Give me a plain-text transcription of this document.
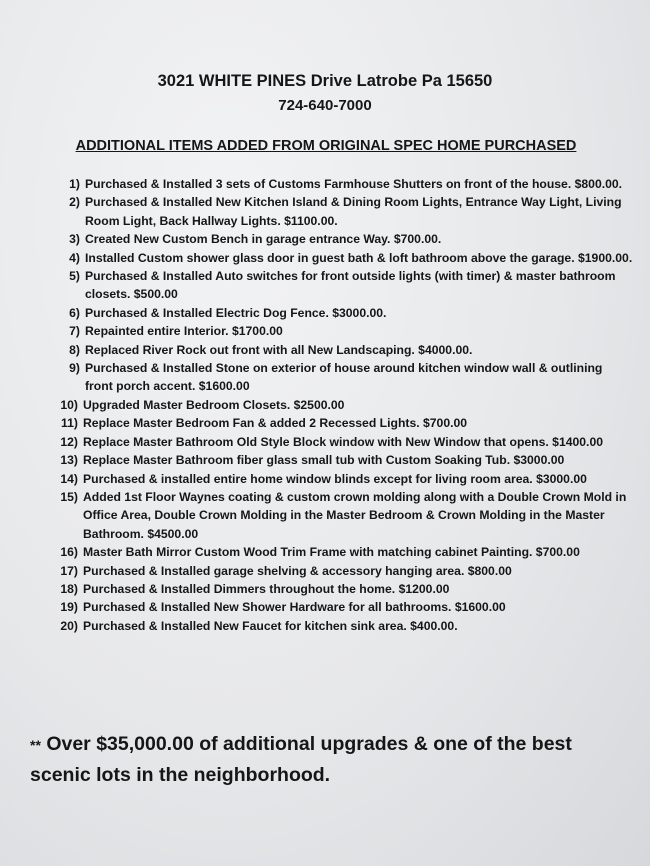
3021 WHITE PINES Drive Latrobe Pa 15650
724-640-7000
ADDITIONAL ITEMS ADDED FROM ORIGINAL SPEC HOME PURCHASED
1) Purchased & Installed 3 sets of Customs Farmhouse Shutters on front of the house. $800.00.
2) Purchased & Installed New Kitchen Island & Dining Room Lights, Entrance Way Light, Living Room Light, Back Hallway Lights. $1100.00.
3) Created New Custom Bench in garage entrance Way. $700.00.
4) Installed Custom shower glass door in guest bath & loft bathroom above the garage. $1900.00.
5) Purchased & Installed Auto switches for front outside lights (with timer) & master bathroom closets. $500.00
6) Purchased & Installed Electric Dog Fence. $3000.00.
7) Repainted entire Interior. $1700.00
8) Replaced River Rock out front with all New Landscaping. $4000.00.
9) Purchased & Installed Stone on exterior of house around kitchen window wall & outlining front porch accent. $1600.00
10) Upgraded Master Bedroom Closets. $2500.00
11) Replace Master Bedroom Fan & added 2 Recessed Lights. $700.00
12) Replace Master Bathroom Old Style Block window with New Window that opens. $1400.00
13) Replace Master Bathroom fiber glass small tub with Custom Soaking Tub. $3000.00
14) Purchased & installed entire home window blinds except for living room area. $3000.00
15) Added 1st Floor Waynes coating & custom crown molding along with a Double Crown Mold in Office Area, Double Crown Molding in the Master Bedroom & Crown Molding in the Master Bathroom. $4500.00
16) Master Bath Mirror Custom Wood Trim Frame with matching cabinet Painting. $700.00
17) Purchased & Installed garage shelving & accessory hanging area. $800.00
18) Purchased & Installed Dimmers throughout the home. $1200.00
19) Purchased & Installed New Shower Hardware for all bathrooms. $1600.00
20) Purchased & Installed New Faucet for kitchen sink area. $400.00.
** Over $35,000.00 of additional upgrades & one of the best scenic lots in the neighborhood.
